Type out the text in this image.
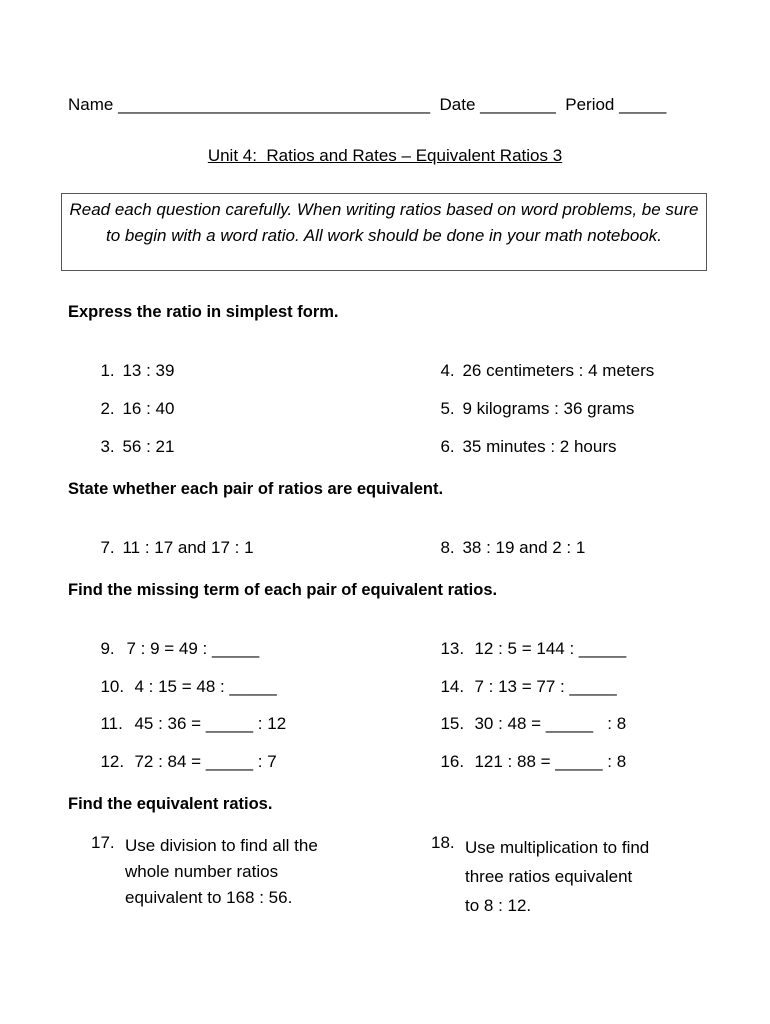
Name _________________________________  Date ________  Period _____
Unit 4:  Ratios and Rates – Equivalent Ratios 3
Read each question carefully. When writing ratios based on word problems, be sure to begin with a word ratio. All work should be done in your math notebook.
Express the ratio in simplest form.

1. 13 : 39

2. 16 : 40

3. 56 : 21

4. 26 centimeters : 4 meters

5. 9 kilograms : 36 grams

6. 35 minutes : 2 hours

State whether each pair of ratios are equivalent.

7. 11 : 17 and 17 : 1	8. 38 : 19 and 2 : 1

Find the missing term of each pair of equivalent ratios.

9. 7 : 9 = 49 : _____

10. 4 : 15 = 48 : _____

11. 45 : 36 = _____ : 12

12. 72 : 84 = _____ : 7

13. 12 : 5 = 144 : _____

14. 7 : 13 = 77 : _____

15. 30 : 48 = _____   : 8

16. 121 : 88 = _____ : 8

Find the equivalent ratios.

17.

Use division to find all the
whole number ratios
equivalent to 168 : 56.

18.

Use multiplication to find
three ratios equivalent
to 8 : 12.
